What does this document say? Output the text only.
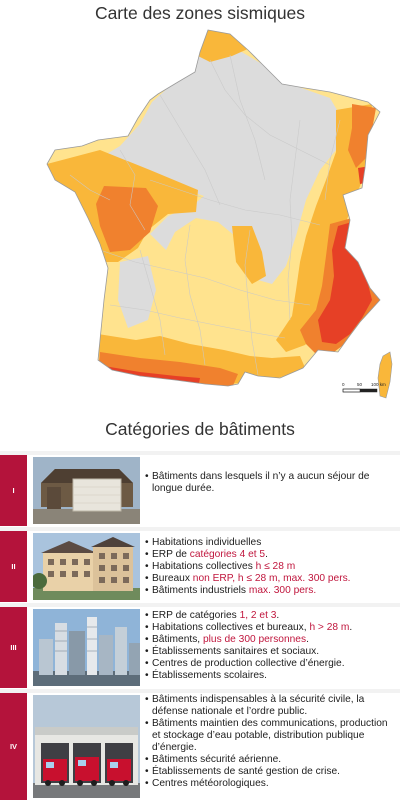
Carte des zones sismiques
0	50 100 km
Catégories de bâtiments
I
• Bâtiments dans lesquels il n’y a aucun séjour de longue durée.
II
• Habitations individuelles
• ERP de catégories 4 et 5.
• Habitations collectives h ≤ 28 m
• Bureaux non ERP, h ≤ 28 m, max. 300 pers.
• Bâtiments industriels max. 300 pers.
III
• ERP de catégories 1, 2 et 3.
• Habitations collectives et bureaux, h > 28 m.
• Bâtiments, plus de 300 personnes.
• Établissements sanitaires et sociaux.
• Centres de production collective d’énergie.
• Établissements scolaires.
IV
• Bâtiments indispensables à la sécurité civile, la défense nationale et l’ordre public.
• Bâtiments maintien des communications, production et stockage d’eau potable, distribution publique d’énergie.
• Bâtiments sécurité aérienne.
• Établissements de santé gestion de crise.
• Centres météorologiques.
